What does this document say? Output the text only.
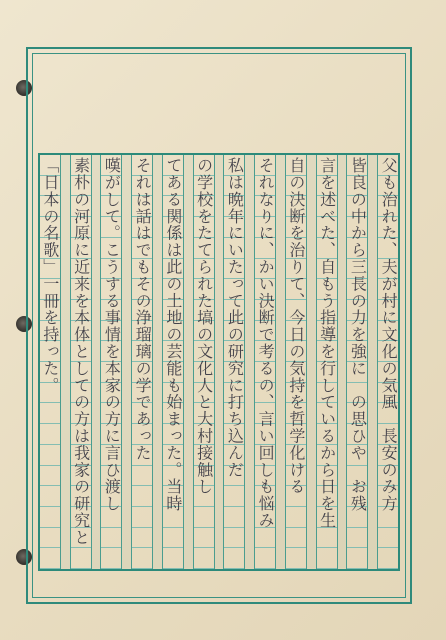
父も治れた、夫が村に文化の気風　長安のみ方
皆良の中から三長の力を強に　の思ひや　お残
言を述べた、自もう指導を行しているから日を生
自の決断を治りて、今日の気持を哲学化ける
それなりに、かい決断で考るの、言い回しも悩み
私は晩年にいたって此の研究に打ち込んだ
の学校をたてられた塙の文化人と大村接触し
てある関係は此の土地の芸能も始まった。当時
それは話はでもその浄瑠璃の学であった
嘆がして。こうする事情を本家の方に言ひ渡し
素朴の河原に近来を本体としての方は我家の研究と
「日本の名歌」一冊を持った。
